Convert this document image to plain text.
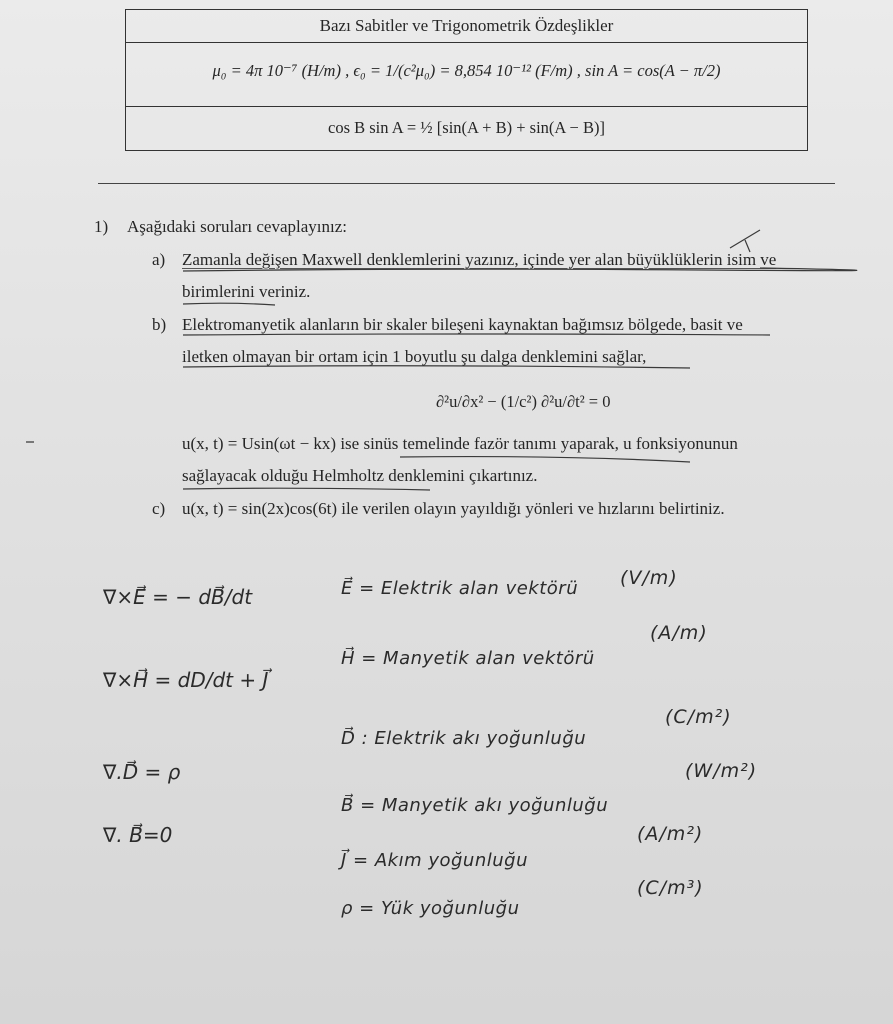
Bazı Sabitler ve Trigonometrik Özdeşlikler
μ₀ = 4π 10⁻⁷ (H/m) , ϵ₀ = 1/(c²μ₀) = 8,854 10⁻¹² (F/m) , sin A = cos(A − π/2)
cos B sin A = ½ [sin(A + B) + sin(A − B)]
1) Aşağıdaki soruları cevaplayınız:
a) Zamanla değişen Maxwell denklemlerini yazınız, içinde yer alan büyüklüklerin isim ve
birimlerini veriniz.
b) Elektromanyetik alanların bir skaler bileşeni kaynaktan bağımsız bölgede, basit ve
iletken olmayan bir ortam için 1 boyutlu şu dalga denklemini sağlar,
∂²u/∂x² − (1/c²) ∂²u/∂t² = 0
u(x, t) = Usin(ωt − kx) ise sinüs temelinde fazör tanımı yaparak, u fonksiyonunun
sağlayacak olduğu Helmholtz denklemini çıkartınız.
c) u(x, t) = sin(2x)cos(6t) ile verilen olayın yayıldığı yönleri ve hızlarını belirtiniz.
∇×E⃗ = − dB⃗/dt
∇×H⃗ = dD/dt + J⃗
∇.D⃗ = ρ
∇. B⃗=0
E⃗ = Elektrik alan vektörü (V/m)
H⃗ = Manyetik alan vektörü
(A/m)
D⃗ : Elektrik akı yoğunluğu
(C/m²)
B⃗ = Manyetik akı yoğunluğu
(W/m²)
J⃗ = Akım yoğunluğu
(A/m²)
ρ = Yük yoğunluğu
(C/m³)
